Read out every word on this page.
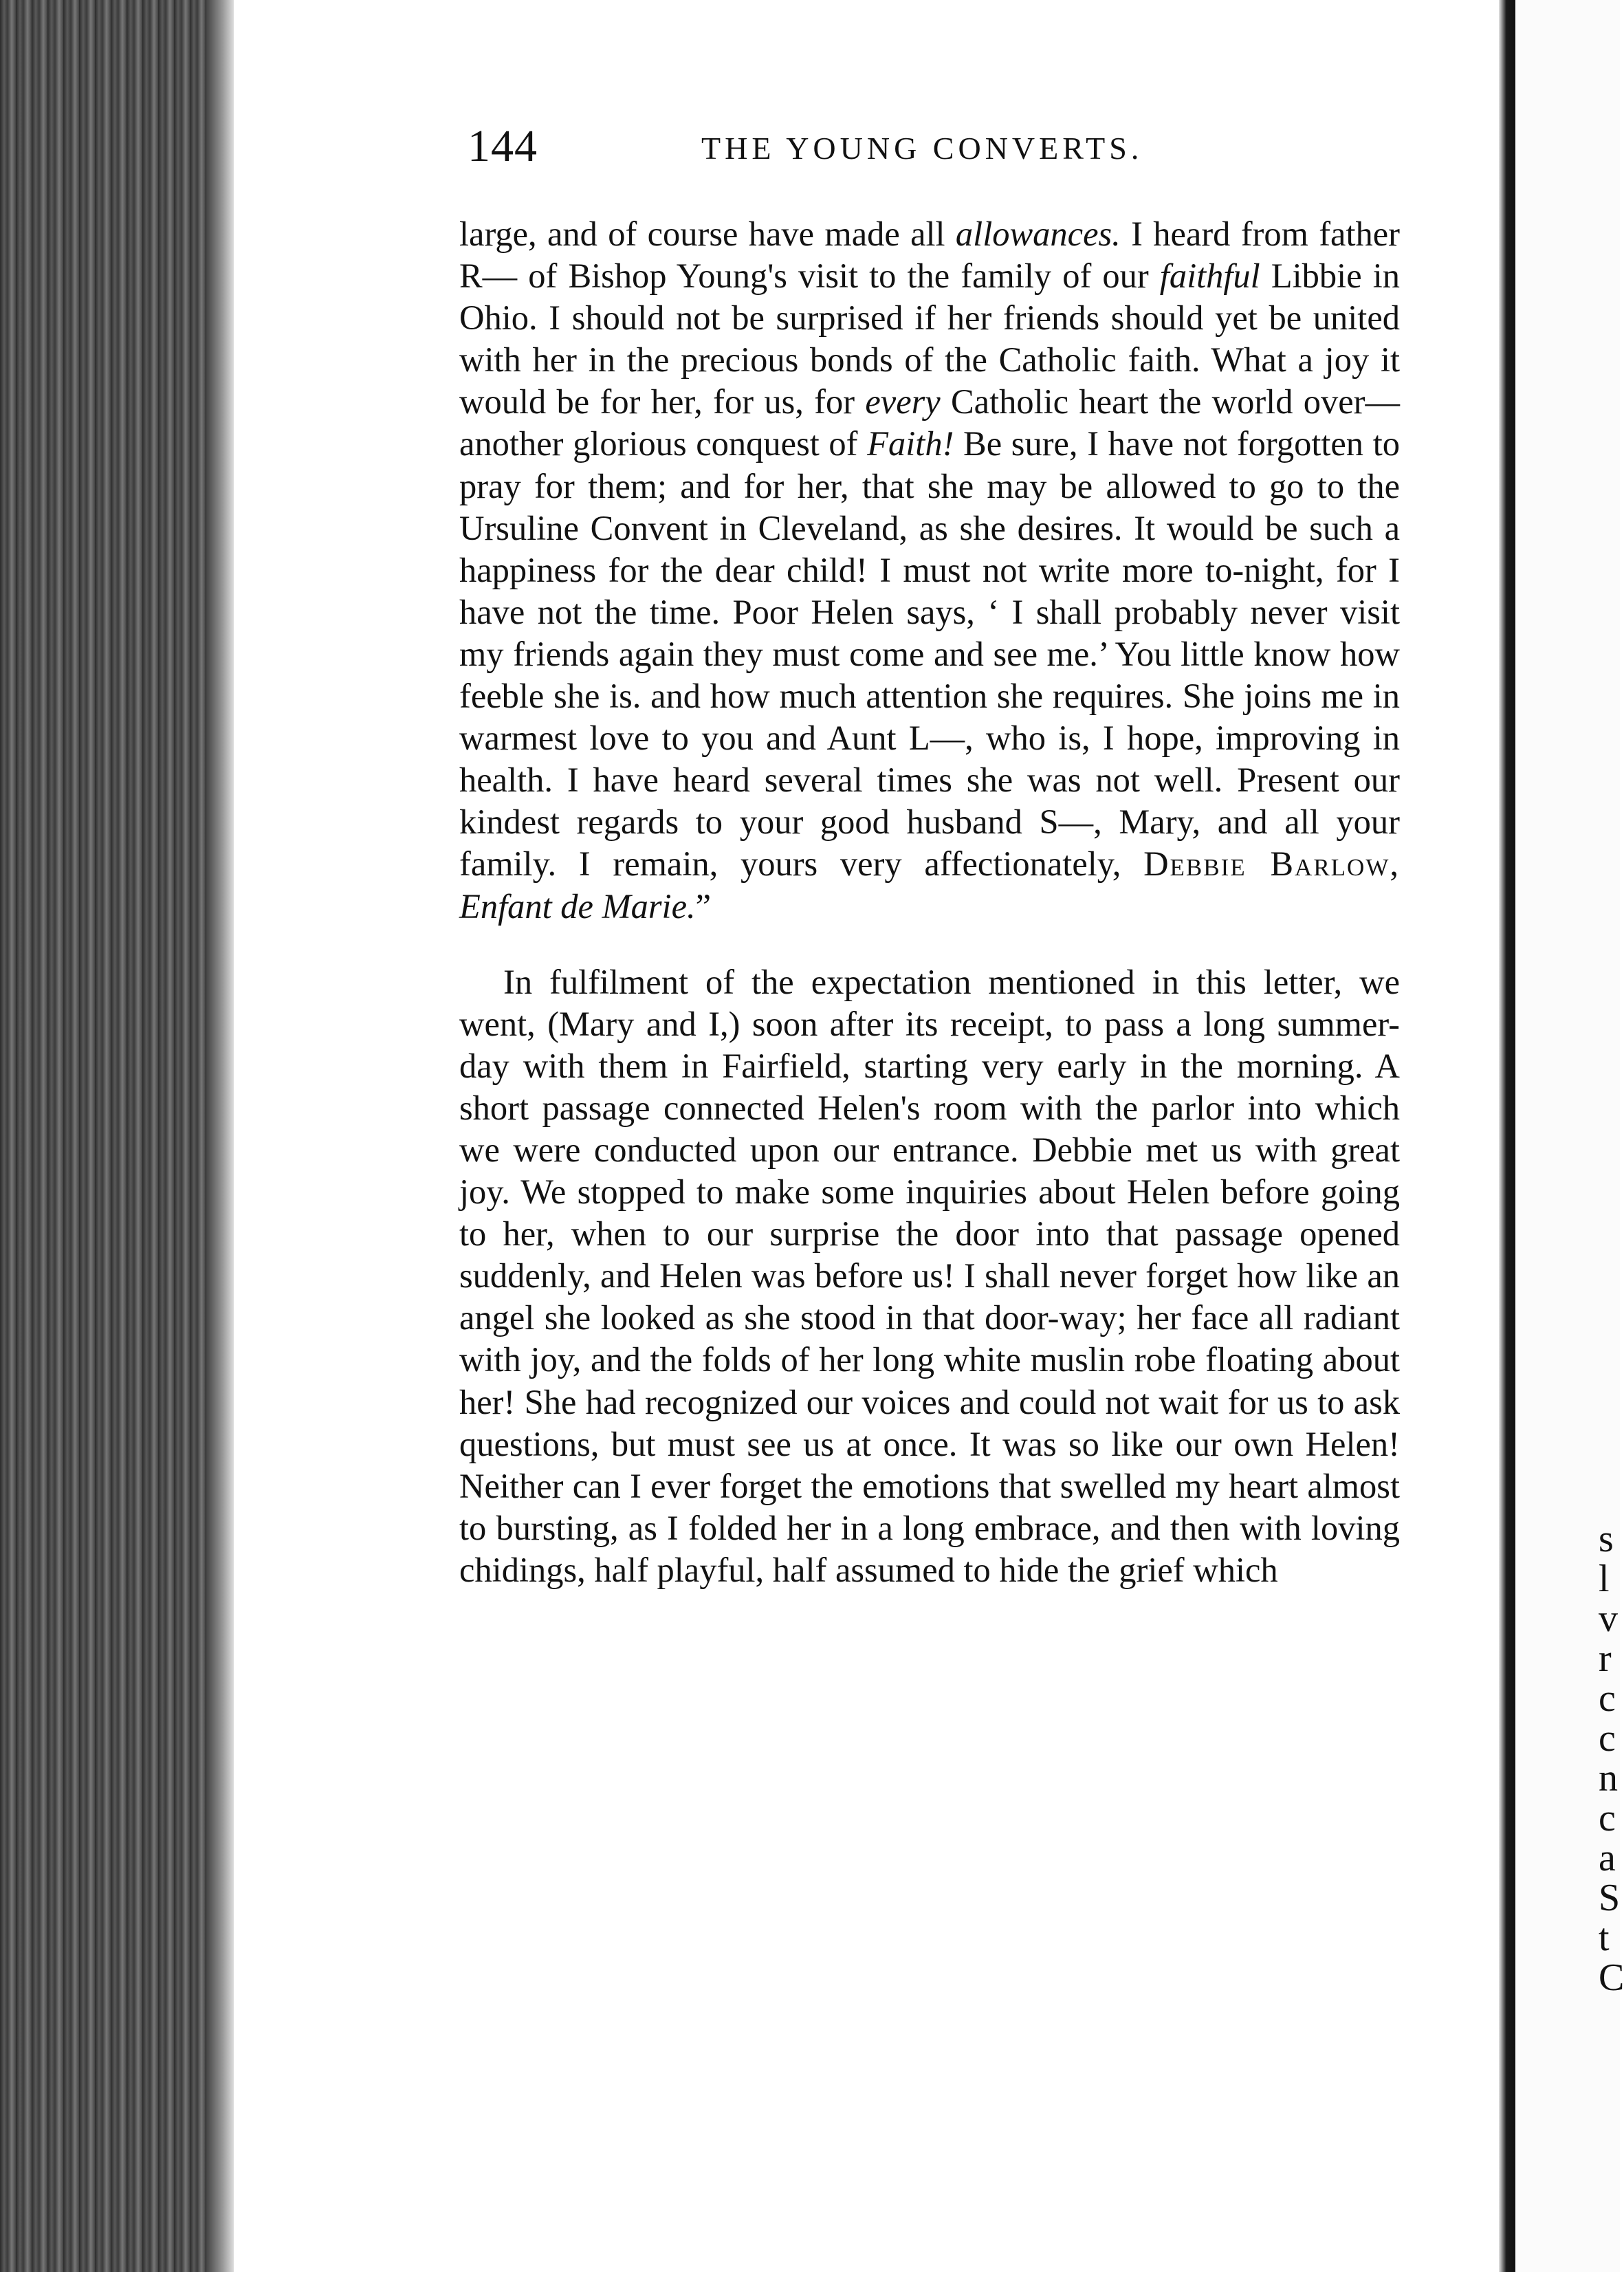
s
l
v
r
c
c
n
c
a
S
t
C
144	THE YOUNG CONVERTS.

large, and of course have made all allowances. I heard from father R— of Bishop Young's visit to the family of our faithful Libbie in Ohio. I should not be surprised if her friends should yet be united with her in the precious bonds of the Catholic faith. What a joy it would be for her, for us, for every Catholic heart the world over—another glorious conquest of Faith! Be sure, I have not forgotten to pray for them; and for her, that she may be allowed to go to the Ursuline Convent in Cleveland, as she desires. It would be such a happiness for the dear child! I must not write more to-night, for I have not the time. Poor Helen says, ‘ I shall probably never visit my friends again they must come and see me.’ You little know how feeble she is. and how much attention she requires. She joins me in warmest love to you and Aunt L—, who is, I hope, improving in health. I have heard several times she was not well. Present our kindest regards to your good husband S—, Mary, and all your family. I remain, yours very affectionately, Debbie Barlow, Enfant de Marie.”

In fulfilment of the expectation mentioned in this letter, we went, (Mary and I,) soon after its receipt, to pass a long summer-day with them in Fairfield, starting very early in the morning. A short passage connected Helen's room with the parlor into which we were conducted upon our entrance. Debbie met us with great joy. We stopped to make some inquiries about Helen before going to her, when to our surprise the door into that passage opened suddenly, and Helen was before us! I shall never forget how like an angel she looked as she stood in that door-way; her face all radiant with joy, and the folds of her long white muslin robe floating about her! She had recognized our voices and could not wait for us to ask questions, but must see us at once. It was so like our own Helen! Neither can I ever forget the emotions that swelled my heart almost to bursting, as I folded her in a long embrace, and then with loving chidings, half playful, half assumed to hide the grief which
